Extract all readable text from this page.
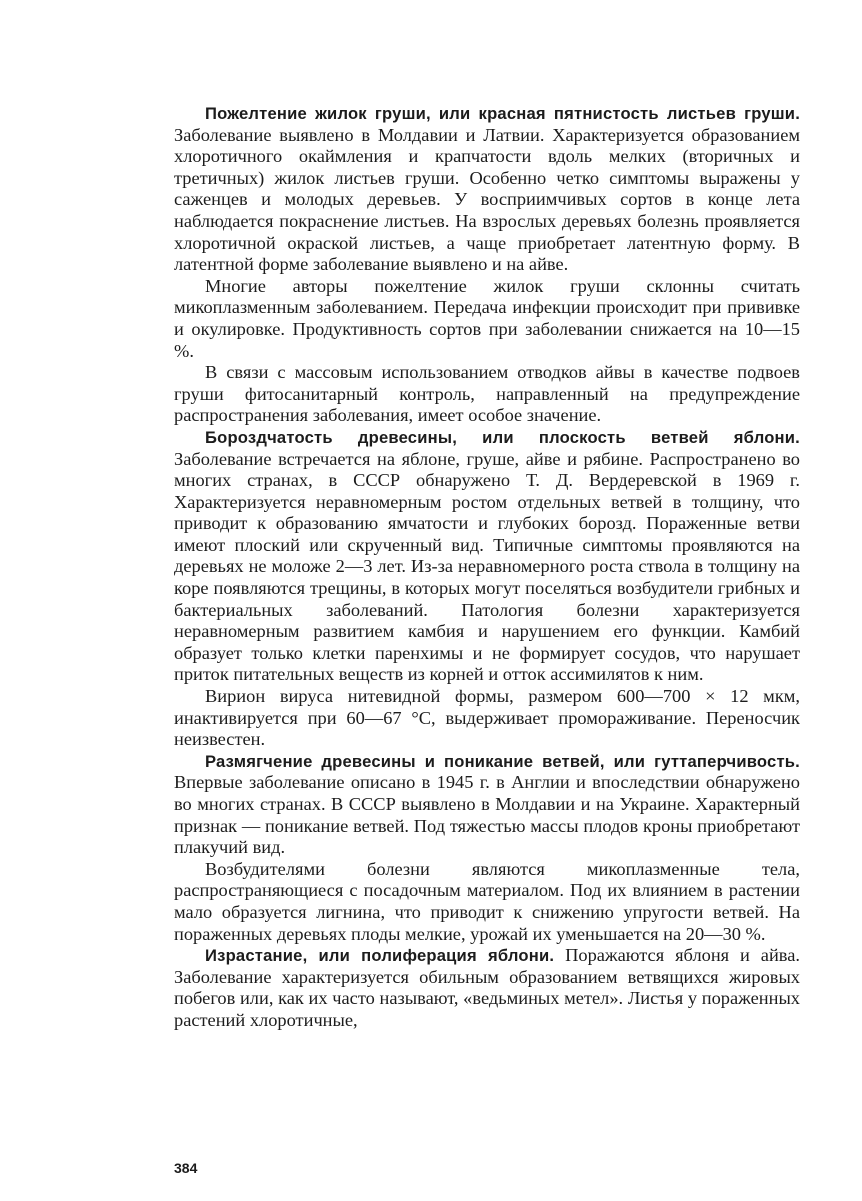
Пожелтение жилок груши, или красная пятнистость листьев груши. Заболевание выявлено в Молдавии и Латвии. Характеризуется образованием хлоротичного окаймления и крапчатости вдоль мелких (вторичных и третичных) жилок листьев груши. Особенно четко симптомы выражены у саженцев и молодых деревьев. У восприимчивых сортов в конце лета наблюдается покраснение листьев. На взрослых деревьях болезнь проявляется хлоротичной окраской листьев, а чаще приобретает латентную форму. В латентной форме заболевание выявлено и на айве.

Многие авторы пожелтение жилок груши склонны считать микоплазменным заболеванием. Передача инфекции происходит при прививке и окулировке. Продуктивность сортов при заболевании снижается на 10—15 %.

В связи с массовым использованием отводков айвы в качестве подвоев груши фитосанитарный контроль, направленный на предупреждение распространения заболевания, имеет особое значение.

Бороздчатость древесины, или плоскость ветвей яблони. Заболевание встречается на яблоне, груше, айве и рябине. Распространено во многих странах, в СССР обнаружено Т. Д. Вердеревской в 1969 г. Характеризуется неравномерным ростом отдельных ветвей в толщину, что приводит к образованию ямчатости и глубоких борозд. Пораженные ветви имеют плоский или скрученный вид. Типичные симптомы проявляются на деревьях не моложе 2—3 лет. Из-за неравномерного роста ствола в толщину на коре появляются трещины, в которых могут поселяться возбудители грибных и бактериальных заболеваний. Патология болезни характеризуется неравномерным развитием камбия и нарушением его функции. Камбий образует только клетки паренхимы и не формирует сосудов, что нарушает приток питательных веществ из корней и отток ассимилятов к ним.

Вирион вируса нитевидной формы, размером 600—700 × 12 мкм, инактивируется при 60—67 °С, выдерживает промораживание. Переносчик неизвестен.

Размягчение древесины и поникание ветвей, или гуттаперчивость. Впервые заболевание описано в 1945 г. в Англии и впоследствии обнаружено во многих странах. В СССР выявлено в Молдавии и на Украине. Характерный признак — поникание ветвей. Под тяжестью массы плодов кроны приобретают плакучий вид.

Возбудителями болезни являются микоплазменные тела, распространяющиеся с посадочным материалом. Под их влиянием в растении мало образуется лигнина, что приводит к снижению упругости ветвей. На пораженных деревьях плоды мелкие, урожай их уменьшается на 20—30 %.

Израстание, или полиферация яблони. Поражаются яблоня и айва. Заболевание характеризуется обильным образованием ветвящихся жировых побегов или, как их часто называют, «ведьминых метел». Листья у пораженных растений хлоротичные,

384
